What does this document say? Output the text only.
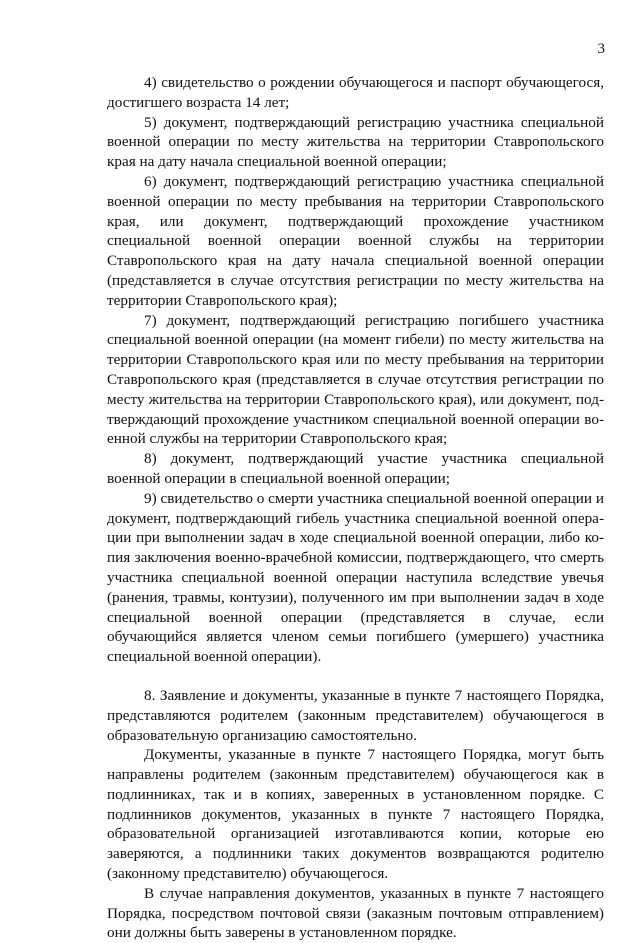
3

4) свидетельство о рождении обучающегося и паспорт обучающегося, достигшего возраста 14 лет;

5) документ, подтверждающий регистрацию участника специальной военной операции по месту жительства на территории Ставропольского края на дату начала специальной военной операции;

6) документ, подтверждающий регистрацию участника специальной военной операции по месту пребывания на территории Ставропольского края, или документ, подтверждающий прохождение участником специальной военной операции военной службы на территории Ставропольского края на дату начала специальной военной операции (представляется в случае отсутствия регистрации по месту жительства на территории Ставропольского края);

7) документ, подтверждающий регистрацию погибшего участника специальной военной операции (на момент гибели) по месту жительства на территории Ставропольского края или по месту пребывания на территории Ставропольского края (представляется в случае отсутствия регистрации по месту жительства на территории Ставропольского края), или документ, подтверждающий прохождение участником специальной военной операции военной службы на территории Ставропольского края;

8) документ, подтверждающий участие участника специальной военной операции в специальной военной операции;

9) свидетельство о смерти участника специальной военной операции и документ, подтверждающий гибель участника специальной военной операции при выполнении задач в ходе специальной военной операции, либо копия заключения военно-врачебной комиссии, подтверждающего, что смерть участника специальной военной операции наступила вследствие увечья (ранения, травмы, контузии), полученного им при выполнении задач в ходе специальной военной операции (представляется в случае, если обучающийся является членом семьи погибшего (умершего) участника специальной военной операции).

8. Заявление и документы, указанные в пункте 7 настоящего Порядка, представляются родителем (законным представителем) обучающегося в образовательную организацию самостоятельно.

Документы, указанные в пункте 7 настоящего Порядка, могут быть направлены родителем (законным представителем) обучающегося как в подлинниках, так и в копиях, заверенных в установленном порядке. С подлинников документов, указанных в пункте 7 настоящего Порядка, образовательной организацией изготавливаются копии, которые ею заверяются, а подлинники таких документов возвращаются родителю (законному представителю) обучающегося.

В случае направления документов, указанных в пункте 7 настоящего Порядка, посредством почтовой связи (заказным почтовым отправлением) они должны быть заверены в установленном порядке.
